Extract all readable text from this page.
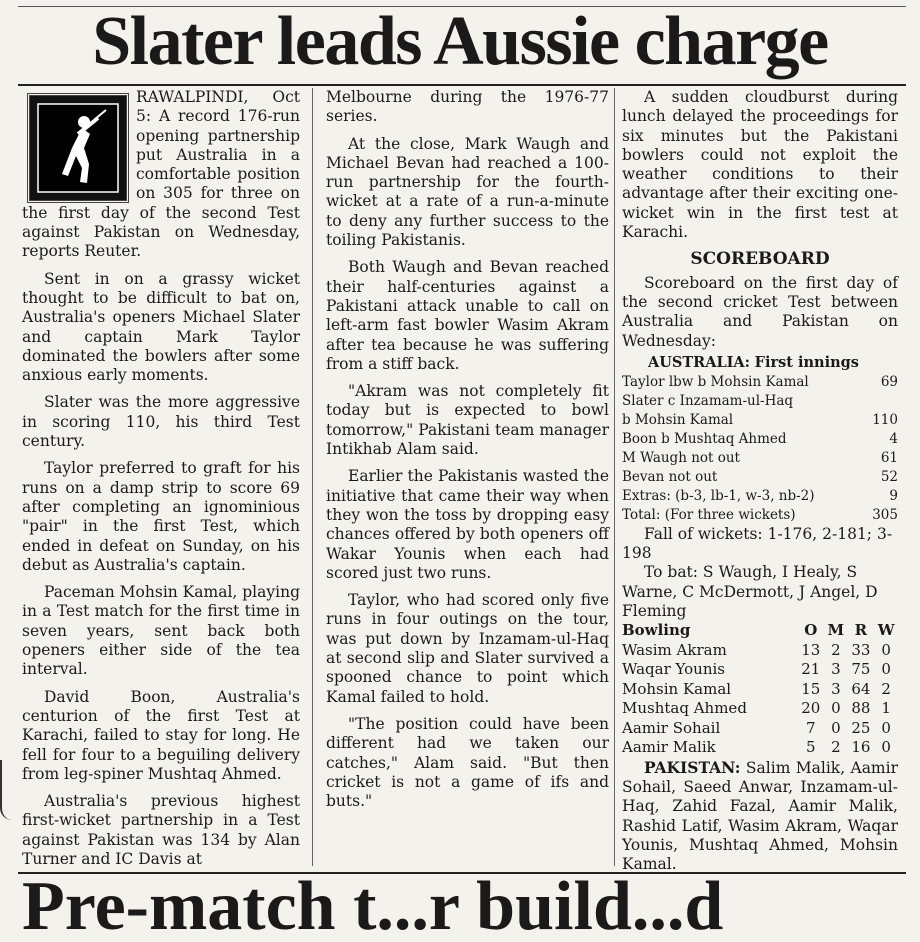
Slater leads Aussie charge

RAWALPINDI, Oct 5: A record 176-run opening partnership put Australia in a comfortable position on 305 for three on the first day of the second Test against Pakistan on Wednesday, reports Reuter.

Sent in on a grassy wicket thought to be difficult to bat on, Australia's openers Michael Slater and captain Mark Taylor dominated the bowlers after some anxious early moments.

Slater was the more aggressive in scoring 110, his third Test century.

Taylor preferred to graft for his runs on a damp strip to score 69 after completing an ignominious "pair" in the first Test, which ended in defeat on Sunday, on his debut as Australia's captain.

Paceman Mohsin Kamal, playing in a Test match for the first time in seven years, sent back both openers either side of the tea interval.

David Boon, Australia's centurion of the first Test at Karachi, failed to stay for long. He fell for four to a beguiling delivery from leg-spiner Mushtaq Ahmed.

Australia's previous highest first-wicket partnership in a Test against Pakistan was 134 by Alan Turner and IC Davis at

Melbourne during the 1976-77 series.

At the close, Mark Waugh and Michael Bevan had reached a 100-run partnership for the fourth-wicket at a rate of a run-a-minute to deny any further success to the toiling Pakistanis.

Both Waugh and Bevan reached their half-centuries against a Pakistani attack unable to call on left-arm fast bowler Wasim Akram after tea because he was suffering from a stiff back.

"Akram was not completely fit today but is expected to bowl tomorrow," Pakistani team manager Intikhab Alam said.

Earlier the Pakistanis wasted the initiative that came their way when they won the toss by dropping easy chances offered by both openers off Wakar Younis when each had scored just two runs.

Taylor, who had scored only five runs in four outings on the tour, was put down by Inzamam-ul-Haq at second slip and Slater survived a spooned chance to point which Kamal failed to hold.

"The position could have been different had we taken our catches," Alam said. "But then cricket is not a game of ifs and buts."

A sudden cloudburst during lunch delayed the proceedings for six minutes but the Pakistani bowlers could not exploit the weather conditions to their advantage after their exciting one-wicket win in the first test at Karachi.

SCOREBOARD

Scoreboard on the first day of the second cricket Test between Australia and Pakistan on Wednesday:

AUSTRALIA: First innings
Taylor lbw b Mohsin Kamal	69
Slater c Inzamam-ul-Haq
b Mohsin Kamal	110
Boon b Mushtaq Ahmed	4
M Waugh not out	61
Bevan not out	52
Extras: (b-3, lb-1, w-3, nb-2)	9
Total: (For three wickets)	305

Fall of wickets: 1-176, 2-181; 3-198

To bat: S Waugh, I Healy, S Warne, C McDermott, J Angel, D Fleming

Bowling	O	M	R	W
Wasim Akram	13	2	33	0
Waqar Younis	21	3	75	0
Mohsin Kamal	15	3	64	2
Mushtaq Ahmed	20	0	88	1
Aamir Sohail	7	0	25	0
Aamir Malik	5	2	16	0

PAKISTAN: Salim Malik, Aamir Sohail, Saeed Anwar, Inzamam-ul-Haq, Zahid Fazal, Aamir Malik, Rashid Latif, Wasim Akram, Waqar Younis, Mushtaq Ahmed, Mohsin Kamal.

Pre-match t...r build...d
